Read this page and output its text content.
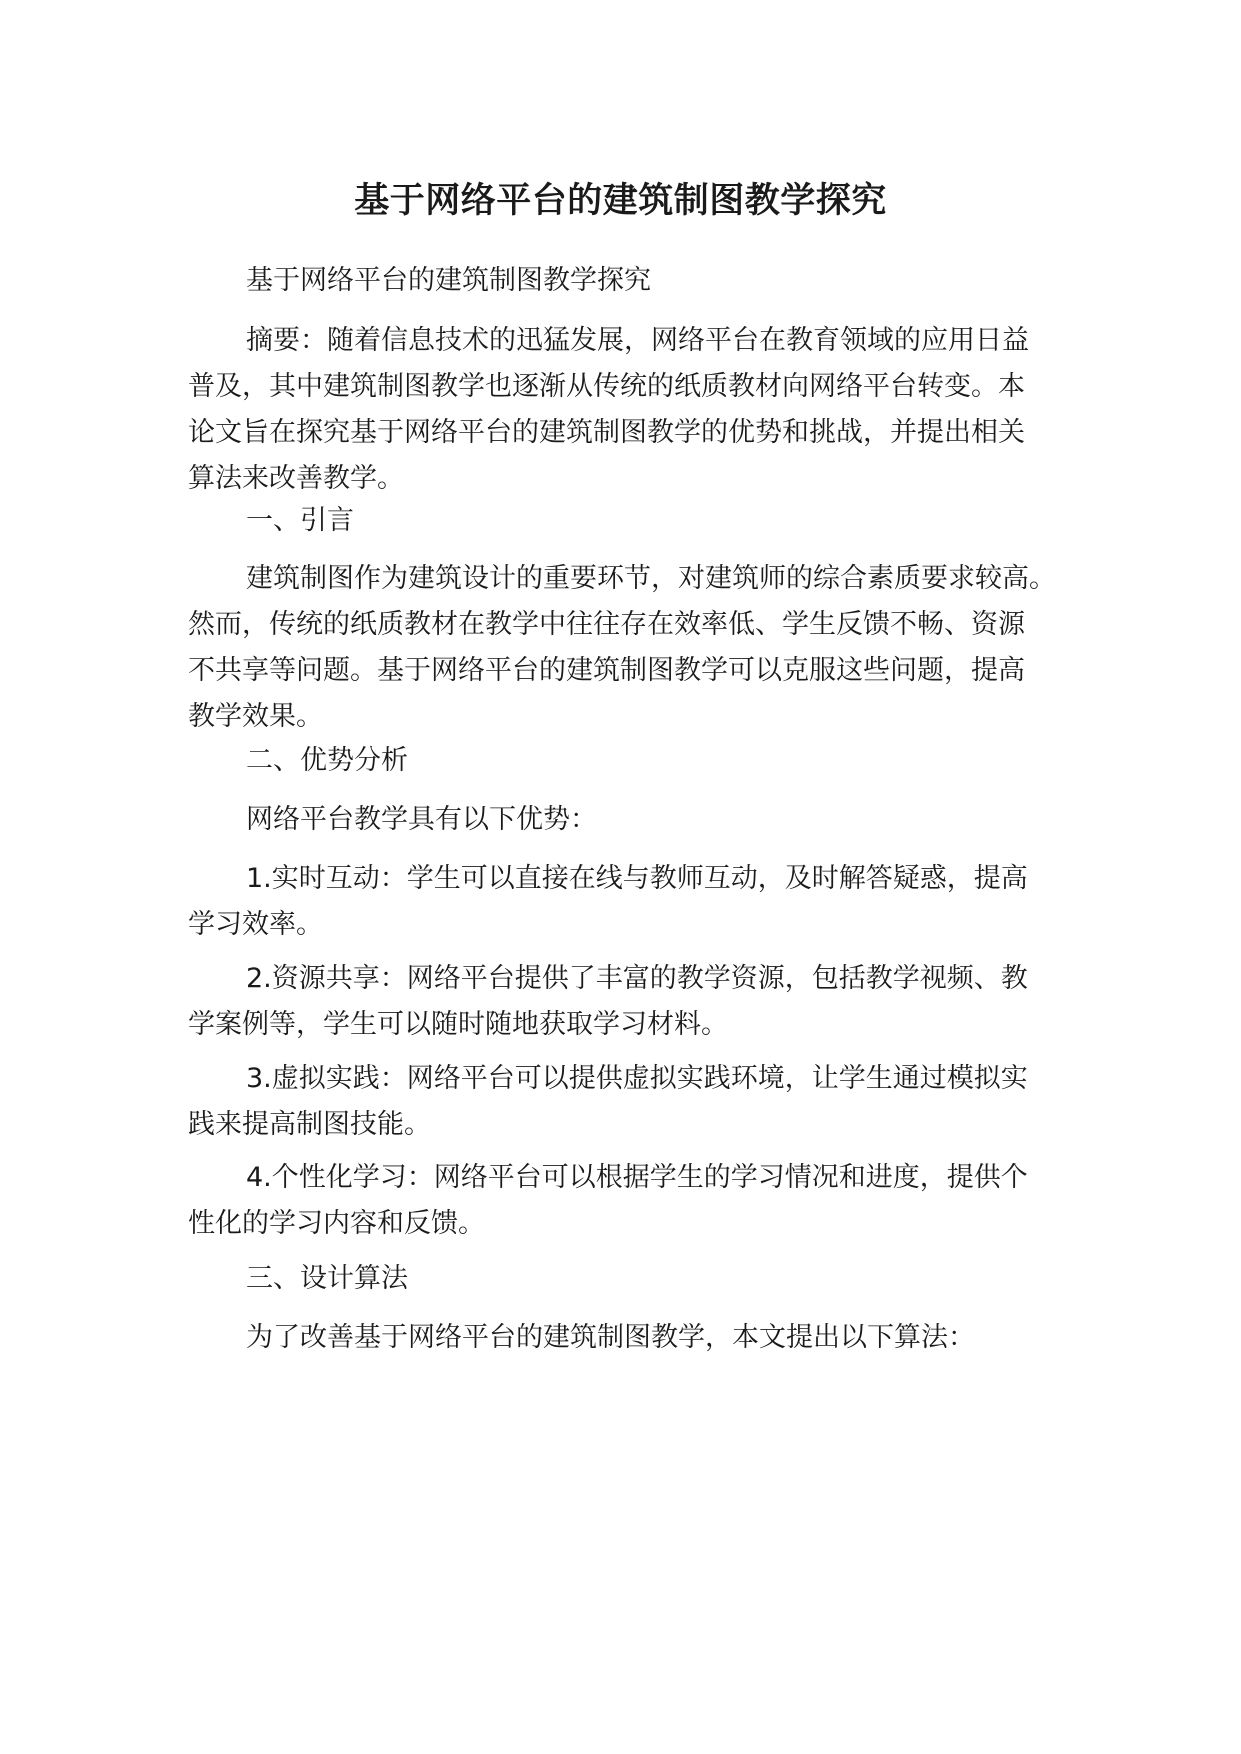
基于网络平台的建筑制图教学探究

基于网络平台的建筑制图教学探究

摘要：随着信息技术的迅猛发展，网络平台在教育领域的应用日益
普及，其中建筑制图教学也逐渐从传统的纸质教材向网络平台转变。本
论文旨在探究基于网络平台的建筑制图教学的优势和挑战，并提出相关
算法来改善教学。

一、引言

建筑制图作为建筑设计的重要环节，对建筑师的综合素质要求较高。
然而，传统的纸质教材在教学中往往存在效率低、学生反馈不畅、资源
不共享等问题。基于网络平台的建筑制图教学可以克服这些问题，提高
教学效果。

二、优势分析

网络平台教学具有以下优势：

1.实时互动：学生可以直接在线与教师互动，及时解答疑惑，提高
学习效率。

2.资源共享：网络平台提供了丰富的教学资源，包括教学视频、教
学案例等，学生可以随时随地获取学习材料。

3.虚拟实践：网络平台可以提供虚拟实践环境，让学生通过模拟实
践来提高制图技能。

4.个性化学习：网络平台可以根据学生的学习情况和进度，提供个
性化的学习内容和反馈。

三、设计算法

为了改善基于网络平台的建筑制图教学，本文提出以下算法：
